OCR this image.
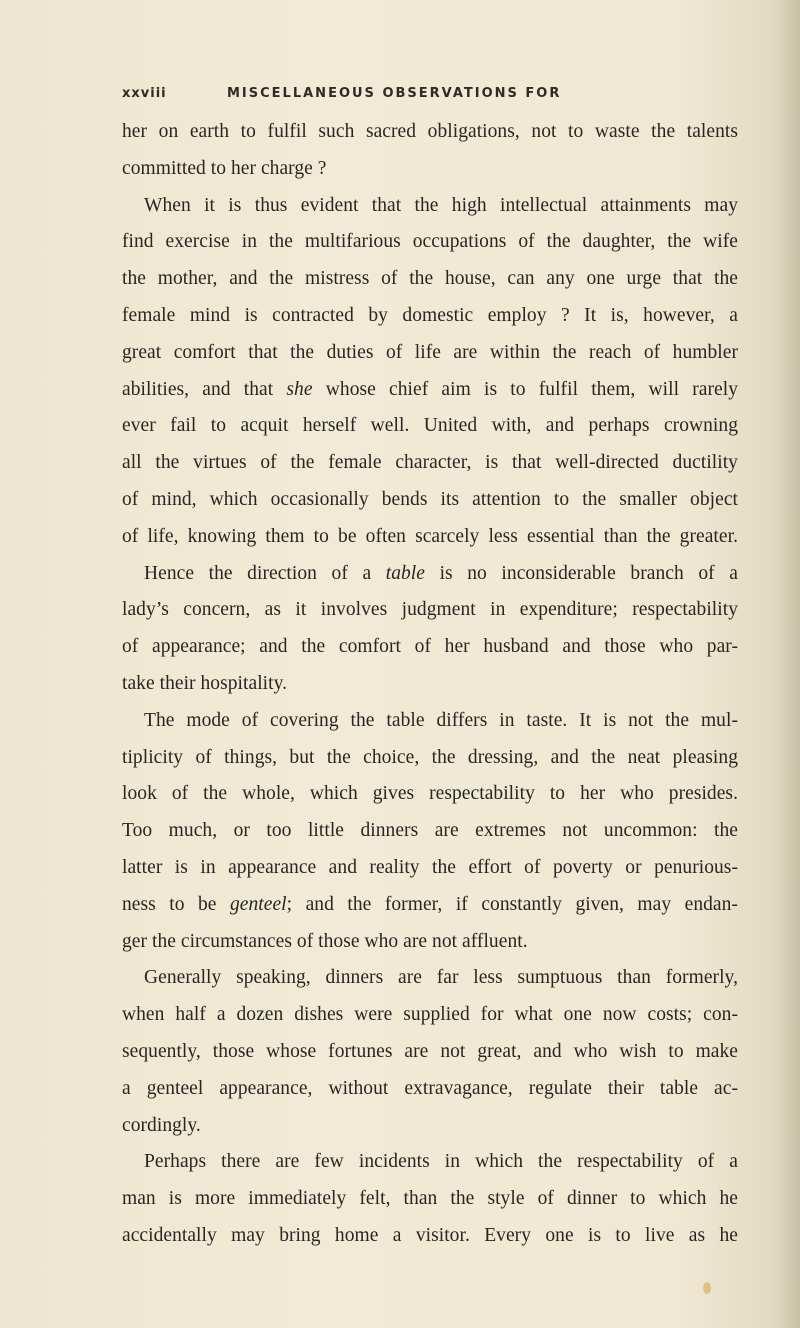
xxviii	MISCELLANEOUS OBSERVATIONS FOR
her on earth to fulfil such sacred obligations, not to waste the talents
committed to her charge ?
When it is thus evident that the high intellectual attainments may
find exercise in the multifarious occupations of the daughter, the wife
the mother, and the mistress of the house, can any one urge that the
female mind is contracted by domestic employ ? It is, however, a
great comfort that the duties of life are within the reach of humbler
abilities, and that she whose chief aim is to fulfil them, will rarely
ever fail to acquit herself well. United with, and perhaps crowning
all the virtues of the female character, is that well-directed ductility
of mind, which occasionally bends its attention to the smaller object
of life, knowing them to be often scarcely less essential than the greater.
Hence the direction of a table is no inconsiderable branch of a
lady’s concern, as it involves judgment in expenditure; respectability
of appearance; and the comfort of her husband and those who par-
take their hospitality.
The mode of covering the table differs in taste. It is not the mul-
tiplicity of things, but the choice, the dressing, and the neat pleasing
look of the whole, which gives respectability to her who presides.
Too much, or too little dinners are extremes not uncommon: the
latter is in appearance and reality the effort of poverty or penurious-
ness to be genteel; and the former, if constantly given, may endan-
ger the circumstances of those who are not affluent.
Generally speaking, dinners are far less sumptuous than formerly,
when half a dozen dishes were supplied for what one now costs; con-
sequently, those whose fortunes are not great, and who wish to make
a genteel appearance, without extravagance, regulate their table ac-
cordingly.
Perhaps there are few incidents in which the respectability of a
man is more immediately felt, than the style of dinner to which he
accidentally may bring home a visitor. Every one is to live as he
